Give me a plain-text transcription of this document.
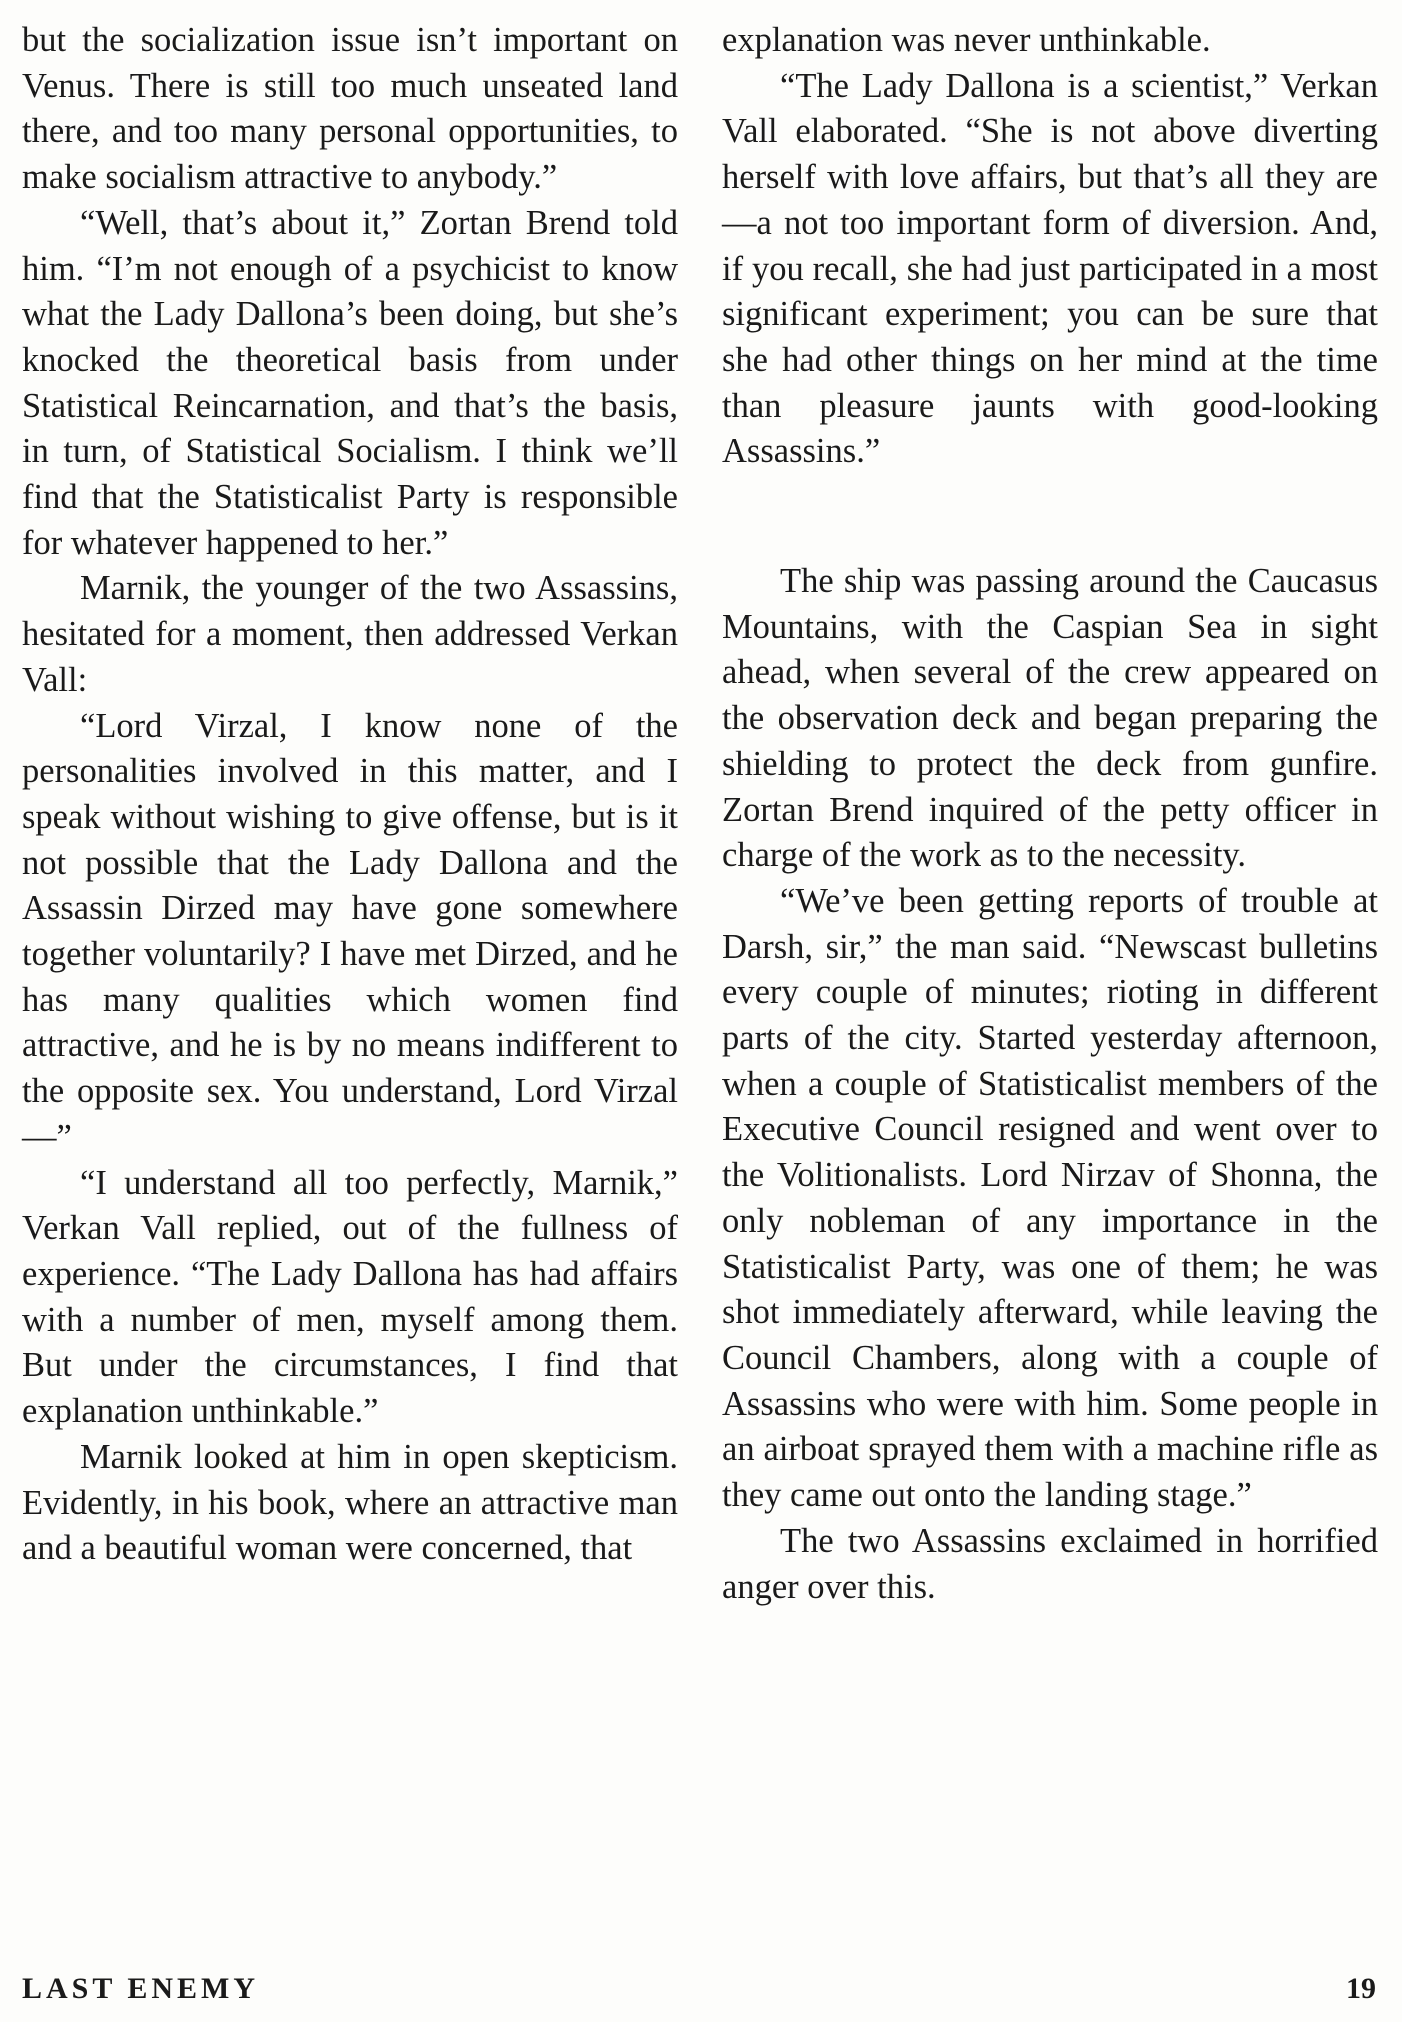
but the socialization issue isn’t important on Venus. There is still too much unseated land there, and too many personal opportunities, to make socialism attractive to anybody.”

“Well, that’s about it,” Zortan Brend told him. “I’m not enough of a psychicist to know what the Lady Dallona’s been doing, but she’s knocked the theoretical basis from under Statistical Reincarnation, and that’s the basis, in turn, of Statistical Socialism. I think we’ll find that the Statisticalist Party is responsible for whatever happened to her.”

Marnik, the younger of the two Assassins, hesitated for a moment, then addressed Verkan Vall:

“Lord Virzal, I know none of the personalities involved in this matter, and I speak without wishing to give offense, but is it not possible that the Lady Dallona and the Assassin Dirzed may have gone somewhere together voluntarily? I have met Dirzed, and he has many qualities which women find attractive, and he is by no means indifferent to the opposite sex. You understand, Lord Virzal—”

“I understand all too perfectly, Marnik,” Verkan Vall replied, out of the fullness of experience. “The Lady Dallona has had affairs with a number of men, myself among them. But under the circumstances, I find that explanation unthinkable.”

Marnik looked at him in open skepticism. Evidently, in his book, where an attractive man and a beautiful woman were concerned, that

explanation was never unthinkable.

“The Lady Dallona is a scientist,” Verkan Vall elaborated. “She is not above diverting herself with love affairs, but that’s all they are—a not too important form of diversion. And, if you recall, she had just participated in a most significant experiment; you can be sure that she had other things on her mind at the time than pleasure jaunts with good-looking Assassins.”

The ship was passing around the Caucasus Mountains, with the Caspian Sea in sight ahead, when several of the crew appeared on the observation deck and began preparing the shielding to protect the deck from gunfire. Zortan Brend inquired of the petty officer in charge of the work as to the necessity.

“We’ve been getting reports of trouble at Darsh, sir,” the man said. “Newscast bulletins every couple of minutes; rioting in different parts of the city. Started yesterday afternoon, when a couple of Statisticalist members of the Executive Council resigned and went over to the Volitionalists. Lord Nirzav of Shonna, the only nobleman of any importance in the Statisticalist Party, was one of them; he was shot immediately afterward, while leaving the Council Chambers, along with a couple of Assassins who were with him. Some people in an airboat sprayed them with a machine rifle as they came out onto the landing stage.”

The two Assassins exclaimed in horrified anger over this.

LAST ENEMY	19
